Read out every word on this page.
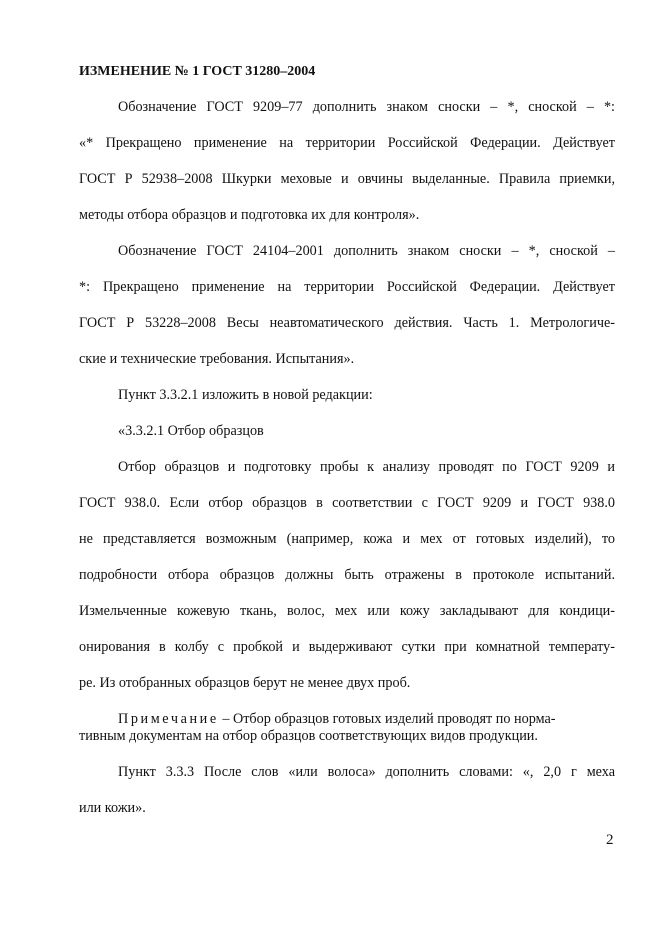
ИЗМЕНЕНИЕ № 1 ГОСТ 31280–2004
Обозначение ГОСТ 9209–77 дополнить знаком сноски – *, сноской – *:
«* Прекращено применение на территории Российской Федерации. Действует
ГОСТ Р 52938–2008 Шкурки меховые и овчины выделанные. Правила приемки,
методы отбора образцов и подготовка их для контроля».
Обозначение ГОСТ 24104–2001 дополнить знаком сноски – *, сноской –
*: Прекращено применение на территории Российской Федерации. Действует
ГОСТ Р 53228–2008 Весы неавтоматического действия. Часть 1. Метрологиче-
ские и технические требования. Испытания».
Пункт 3.3.2.1 изложить в новой редакции:
«3.3.2.1 Отбор образцов
Отбор образцов и подготовку пробы к анализу проводят по ГОСТ 9209 и
ГОСТ 938.0. Если отбор образцов в соответствии с ГОСТ 9209 и ГОСТ 938.0
не представляется возможным (например, кожа и мех от готовых изделий), то
подробности отбора образцов должны быть отражены в протоколе испытаний.
Измельченные кожевую ткань, волос, мех или кожу закладывают для кондици-
онирования в колбу с пробкой и выдерживают сутки при комнатной температу-
ре. Из отобранных образцов берут не менее двух проб.
Примечание – Отбор образцов готовых изделий проводят по норма-
тивным документам на отбор образцов соответствующих видов продукции.
Пункт 3.3.3 После слов «или волоса» дополнить словами: «, 2,0 г меха
или кожи».
2
